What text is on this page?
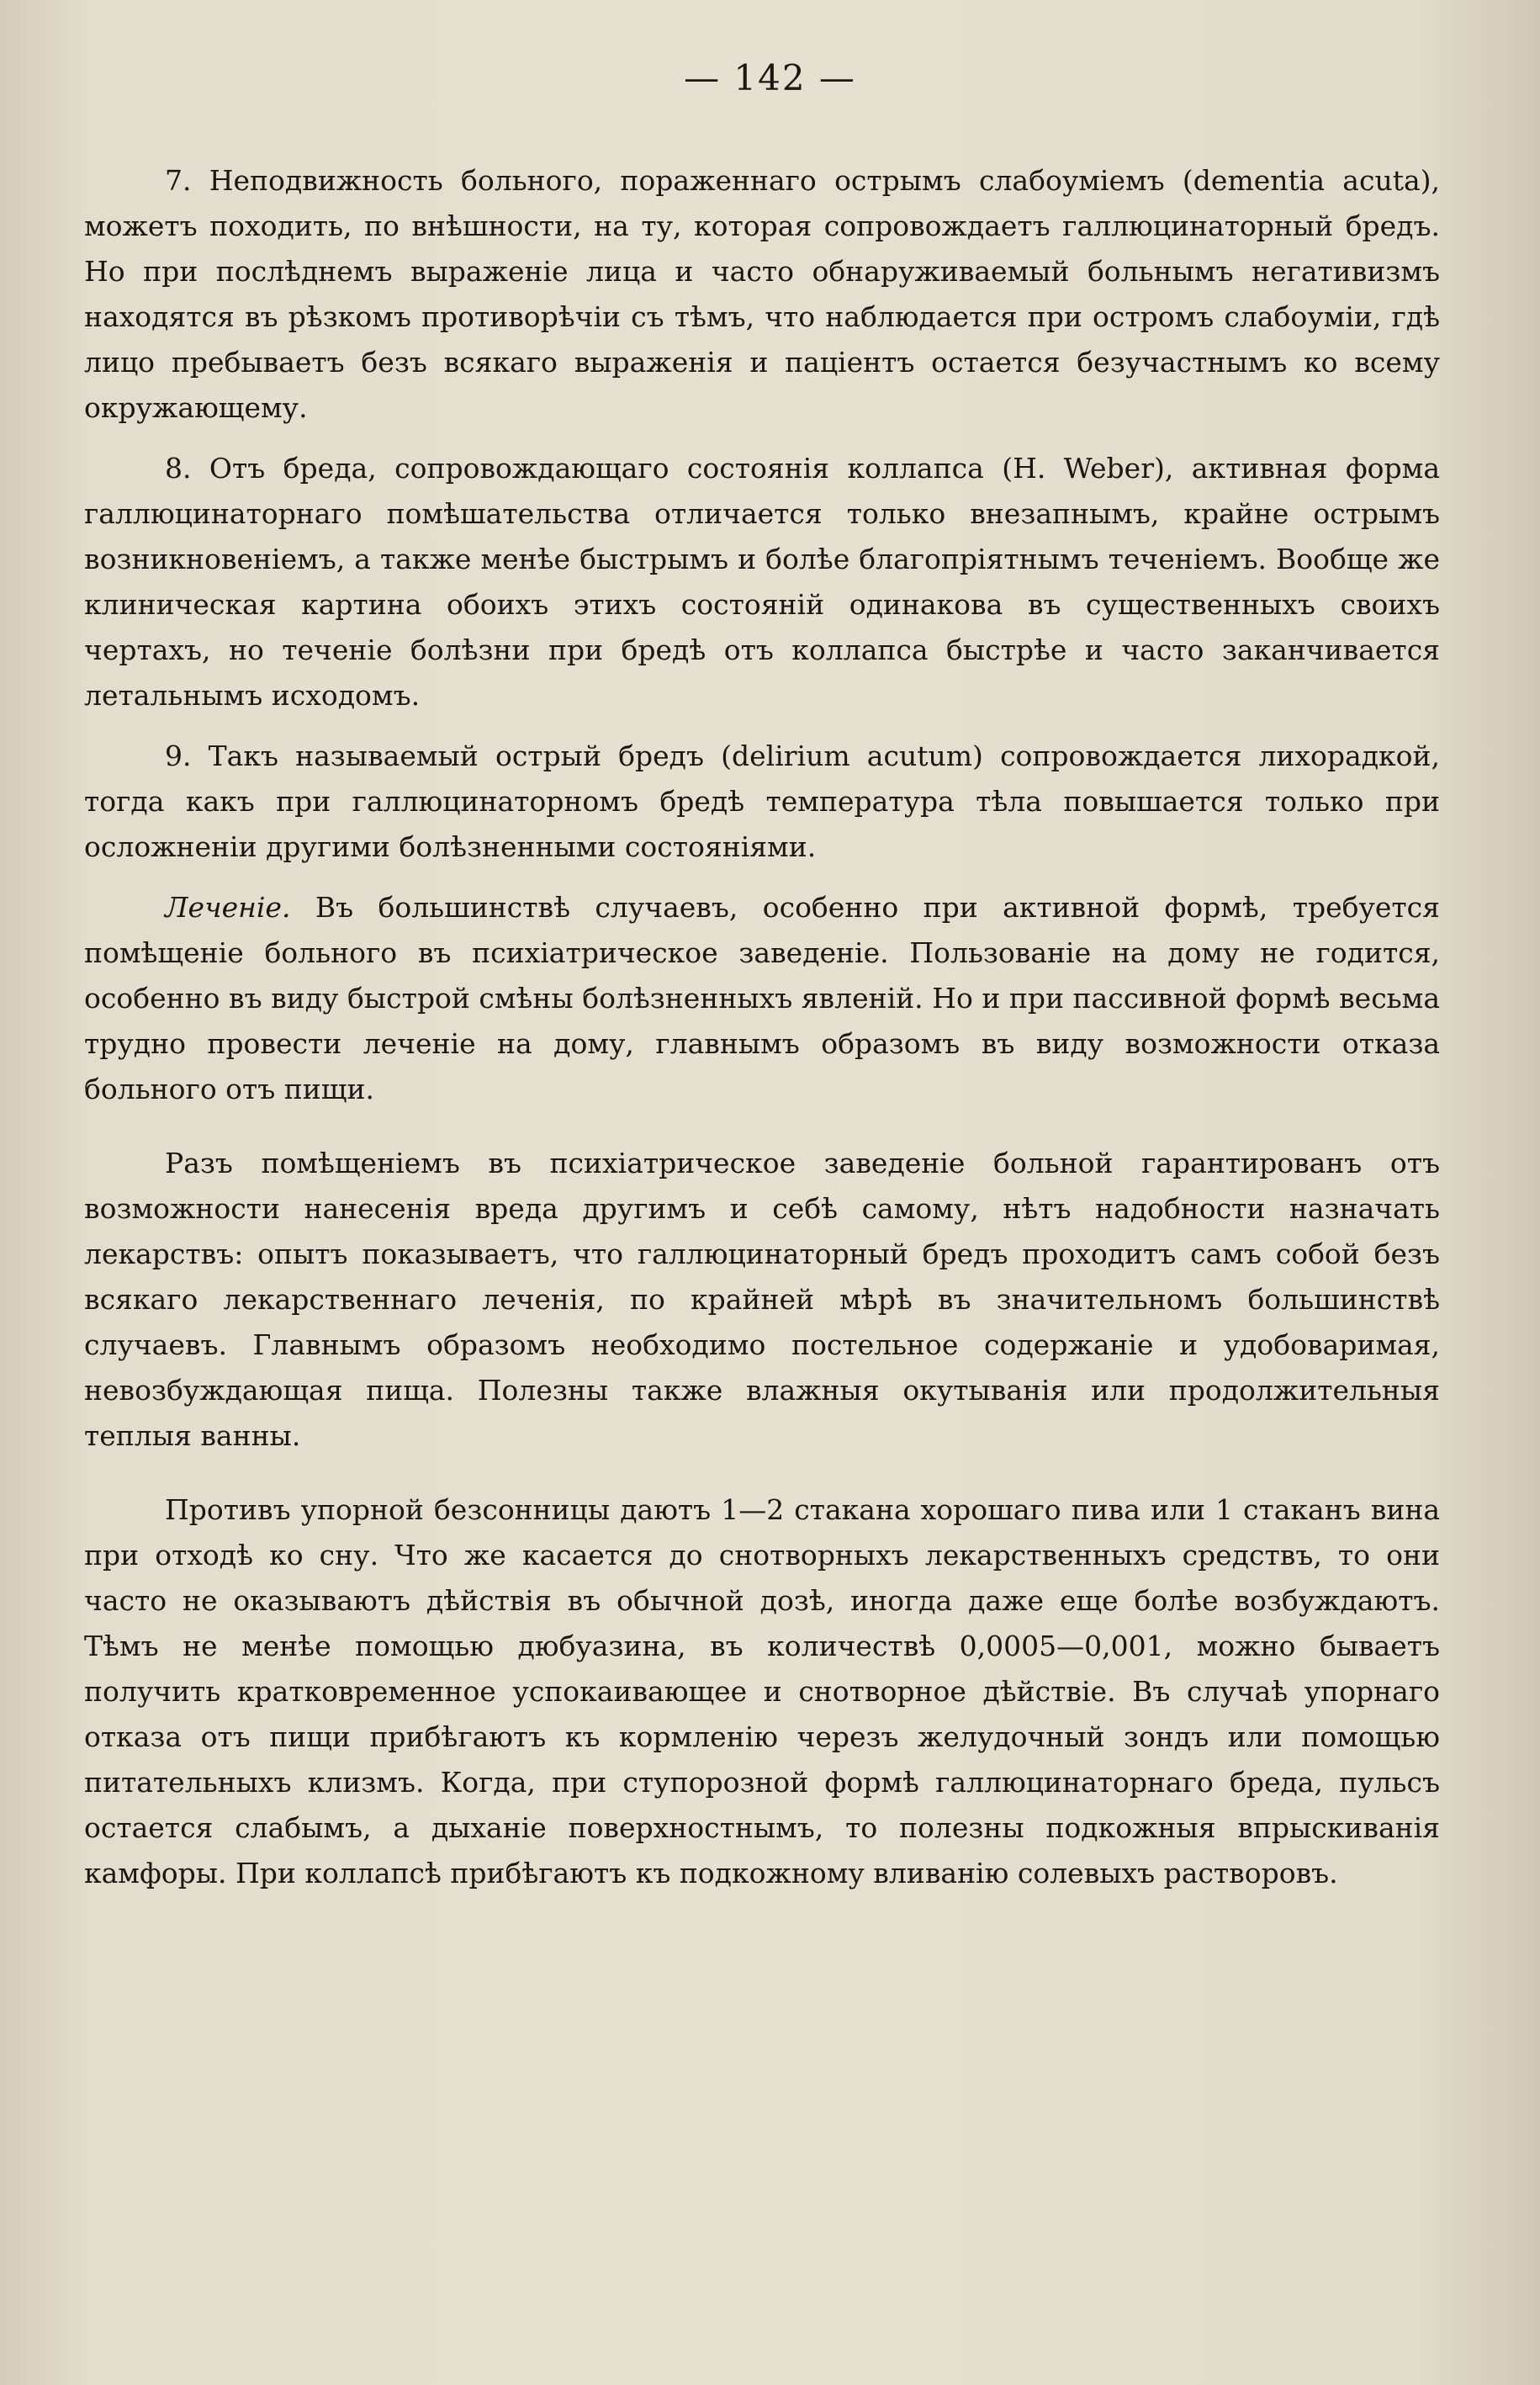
— 142 —

7. Неподвижность больного, пораженнаго острымъ слабоуміемъ (dementia acuta), можетъ походить, по внѣшности, на ту, которая сопровождаетъ галлюцинаторный бредъ. Но при послѣднемъ выраженіе лица и часто обнаруживаемый больнымъ негативизмъ находятся въ рѣзкомъ противорѣчіи съ тѣмъ, что наблюдается при остромъ слабоуміи, гдѣ лицо пребываетъ безъ всякаго выраженія и паціентъ остается безучастнымъ ко всему окружающему.

8. Отъ бреда, сопровождающаго состоянія коллапса (H. Weber), активная форма галлюцинаторнаго помѣшательства отличается только внезапнымъ, крайне острымъ возникновеніемъ, а также менѣе быстрымъ и болѣе благопріятнымъ теченіемъ. Вообще же клиническая картина обоихъ этихъ состояній одинакова въ существенныхъ своихъ чертахъ, но теченіе болѣзни при бредѣ отъ коллапса быстрѣе и часто заканчивается летальнымъ исходомъ.

9. Такъ называемый острый бредъ (delirium acutum) сопровождается лихорадкой, тогда какъ при галлюцинаторномъ бредѣ температура тѣла повышается только при осложненіи другими болѣзненными состояніями.

Леченіе. Въ большинствѣ случаевъ, особенно при активной формѣ, требуется помѣщеніе больного въ психіатрическое заведеніе. Пользованіе на дому не годится, особенно въ виду быстрой смѣны болѣзненныхъ явленій. Но и при пассивной формѣ весьма трудно провести леченіе на дому, главнымъ образомъ въ виду возможности отказа больного отъ пищи.

Разъ помѣщеніемъ въ психіатрическое заведеніе больной гарантированъ отъ возможности нанесенія вреда другимъ и себѣ самому, нѣтъ надобности назначать лекарствъ: опытъ показываетъ, что галлюцинаторный бредъ проходитъ самъ собой безъ всякаго лекарственнаго леченія, по крайней мѣрѣ въ значительномъ большинствѣ случаевъ. Главнымъ образомъ необходимо постельное содержаніе и удобоваримая, невозбуждающая пища. Полезны также влажныя окутыванія или продолжительныя теплыя ванны.

Противъ упорной безсонницы даютъ 1—2 стакана хорошаго пива или 1 стаканъ вина при отходѣ ко сну. Что же касается до снотворныхъ лекарственныхъ средствъ, то они часто не оказываютъ дѣйствія въ обычной дозѣ, иногда даже еще болѣе возбуждаютъ. Тѣмъ не менѣе помощью дюбуазина, въ количествѣ 0,0005—0,001, можно бываетъ получить кратковременное успокаивающее и снотворное дѣйствіе. Въ случаѣ упорнаго отказа отъ пищи прибѣгаютъ къ кормленію черезъ желудочный зондъ или помощью питательныхъ клизмъ. Когда, при ступорозной формѣ галлюцинаторнаго бреда, пульсъ остается слабымъ, а дыханіе поверхностнымъ, то полезны подкожныя впрыскиванія камфоры. При коллапсѣ прибѣгаютъ къ подкожному вливанію солевыхъ растворовъ.
